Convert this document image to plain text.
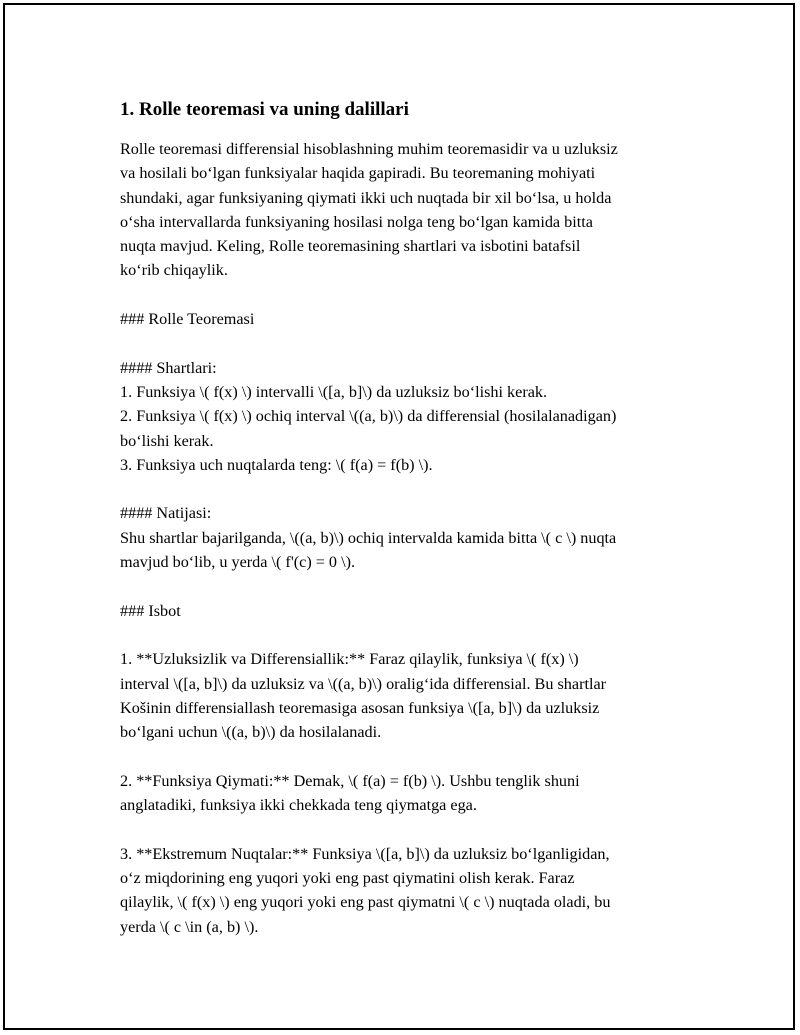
1. Rolle teoremasi va uning dalillari

Rolle teoremasi differensial hisoblashning muhim teoremasidir va u uzluksiz
va hosilali boʻlgan funksiyalar haqida gapiradi. Bu teoremaning mohiyati
shundaki, agar funksiyaning qiymati ikki uch nuqtada bir xil boʻlsa, u holda
oʻsha intervallarda funksiyaning hosilasi nolga teng boʻlgan kamida bitta
nuqta mavjud. Keling, Rolle teoremasining shartlari va isbotini batafsil
koʻrib chiqaylik.

### Rolle Teoremasi
#### Shartlari:
1. Funksiya \( f(x) \) intervalli \([a, b]\) da uzluksiz boʻlishi kerak.
2. Funksiya \( f(x) \) ochiq interval \((a, b)\) da differensial (hosilalanadigan)
boʻlishi kerak.
3. Funksiya uch nuqtalarda teng: \( f(a) = f(b) \).
#### Natijasi:
Shu shartlar bajarilganda, \((a, b)\) ochiq intervalda kamida bitta \( c \) nuqta
mavjud boʻlib, u yerda \( f'(c) = 0 \).
### Isbot
1. **Uzluksizlik va Differensiallik:** Faraz qilaylik, funksiya \( f(x) \)
interval \([a, b]\) da uzluksiz va \((a, b)\) oraligʻida differensial. Bu shartlar
Košinin differensiallash teoremasiga asosan funksiya \([a, b]\) da uzluksiz
boʻlgani uchun \((a, b)\) da hosilalanadi.
2. **Funksiya Qiymati:** Demak, \( f(a) = f(b) \). Ushbu tenglik shuni
anglatadiki, funksiya ikki chekkada teng qiymatga ega.
3. **Ekstremum Nuqtalar:** Funksiya \([a, b]\) da uzluksiz boʻlganligidan,
oʻz miqdorining eng yuqori yoki eng past qiymatini olish kerak. Faraz
qilaylik, \( f(x) \) eng yuqori yoki eng past qiymatni \( c \) nuqtada oladi, bu
yerda \( c \in (a, b) \).
